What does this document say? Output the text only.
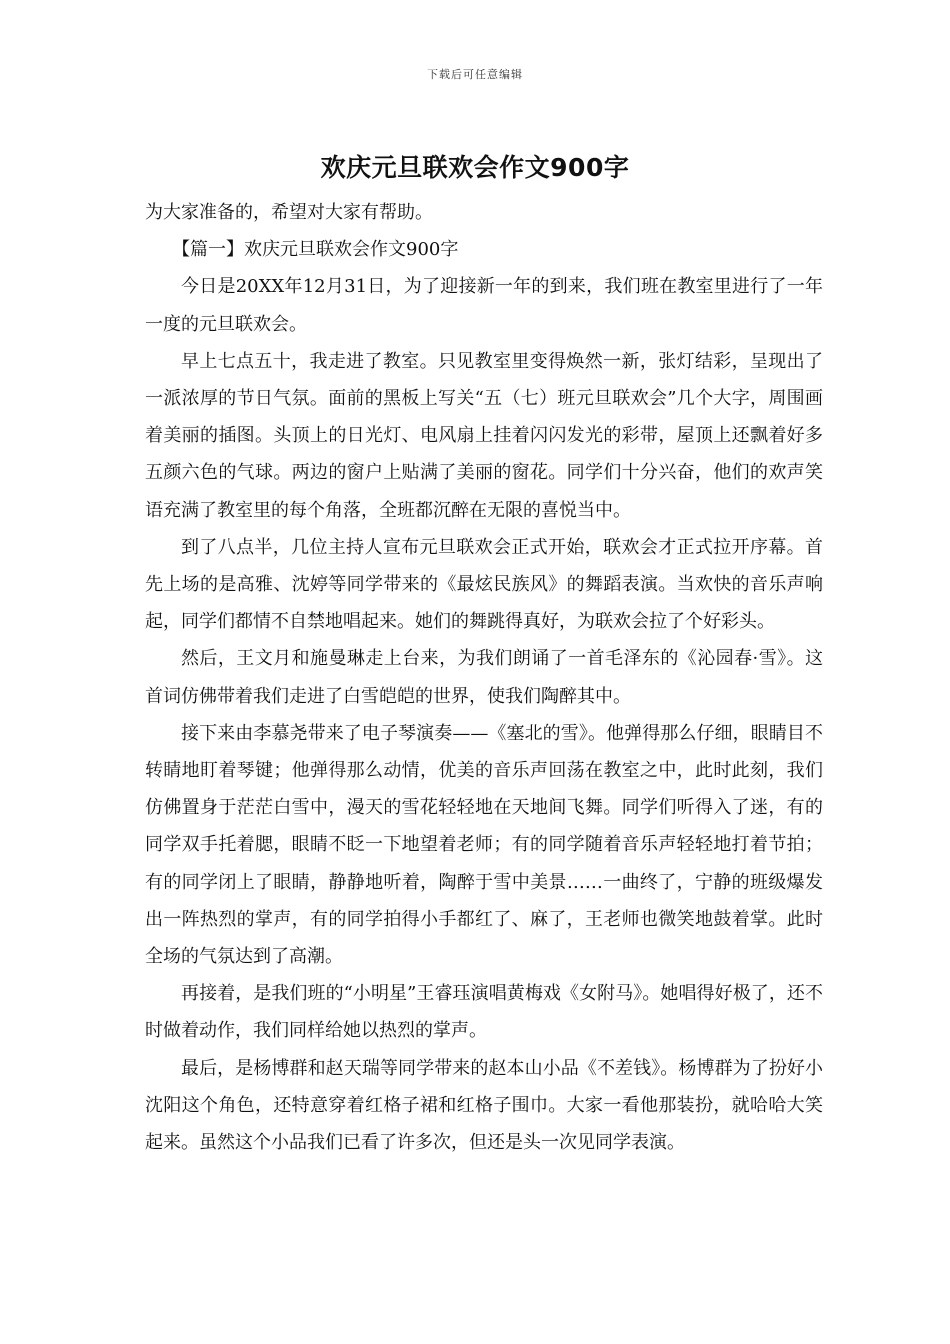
下载后可任意编辑
欢庆元旦联欢会作文900字

为大家准备的，希望对大家有帮助。

【篇一】欢庆元旦联欢会作文900字

今日是20XX年12月31日，为了迎接新一年的到来，我们班在教室里进行了一年一度的元旦联欢会。

早上七点五十，我走进了教室。只见教室里变得焕然一新，张灯结彩，呈现出了一派浓厚的节日气氛。面前的黑板上写关“五（七）班元旦联欢会”几个大字，周围画着美丽的插图。头顶上的日光灯、电风扇上挂着闪闪发光的彩带，屋顶上还飘着好多五颜六色的气球。两边的窗户上贴满了美丽的窗花。同学们十分兴奋，他们的欢声笑语充满了教室里的每个角落，全班都沉醉在无限的喜悦当中。

到了八点半，几位主持人宣布元旦联欢会正式开始，联欢会才正式拉开序幕。首先上场的是高雅、沈婷等同学带来的《最炫民族风》的舞蹈表演。当欢快的音乐声响起，同学们都情不自禁地唱起来。她们的舞跳得真好，为联欢会拉了个好彩头。

然后，王文月和施曼琳走上台来，为我们朗诵了一首毛泽东的《沁园春·雪》。这首词仿佛带着我们走进了白雪皑皑的世界，使我们陶醉其中。

接下来由李慕尧带来了电子琴演奏——《塞北的雪》。他弹得那么仔细，眼睛目不转睛地盯着琴键；他弹得那么动情，优美的音乐声回荡在教室之中，此时此刻，我们仿佛置身于茫茫白雪中，漫天的雪花轻轻地在天地间飞舞。同学们听得入了迷，有的同学双手托着腮，眼睛不眨一下地望着老师；有的同学随着音乐声轻轻地打着节拍；有的同学闭上了眼睛，静静地听着，陶醉于雪中美景……一曲终了，宁静的班级爆发出一阵热烈的掌声，有的同学拍得小手都红了、麻了，王老师也微笑地鼓着掌。此时全场的气氛达到了高潮。

再接着，是我们班的“小明星”王睿珏演唱黄梅戏《女附马》。她唱得好极了，还不时做着动作，我们同样给她以热烈的掌声。

最后，是杨博群和赵天瑞等同学带来的赵本山小品《不差钱》。杨博群为了扮好小沈阳这个角色，还特意穿着红格子裙和红格子围巾。大家一看他那装扮，就哈哈大笑起来。虽然这个小品我们已看了许多次，但还是头一次见同学表演。
